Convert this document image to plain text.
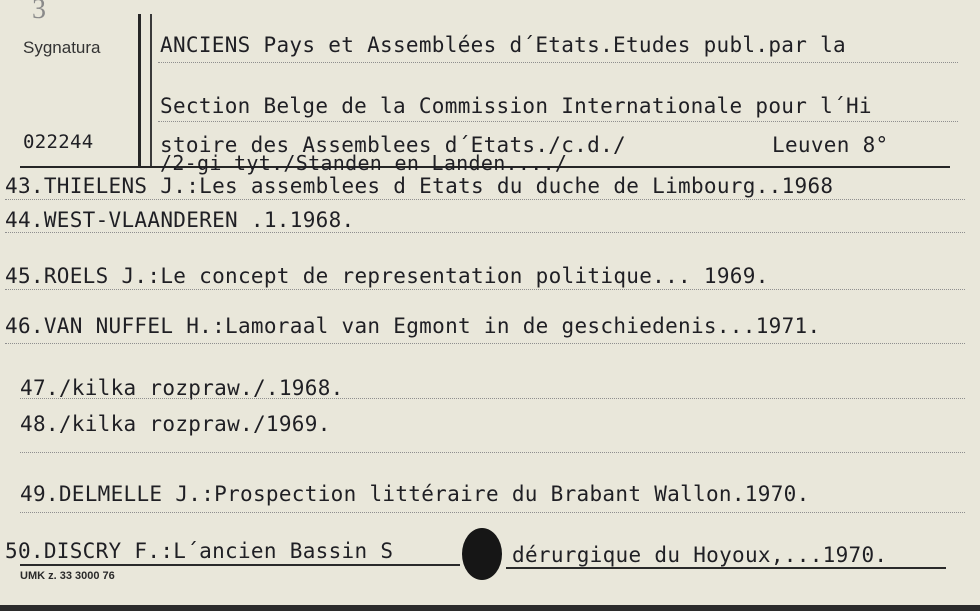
3
Sygnatura
022244
ANCIENS Pays et Assemblées d´Etats.Etudes publ.par la
Section Belge de la Commission Internationale pour l´Hi
stoire des Assemblees d´Etats./c.d./	Leuven 8°
/2-gi tyt./Standen en Landen..../
43.THIELENS J.:Les assemblees d Etats du duche de Limbourg..1968
44.WEST-VLAANDEREN .1.1968.
45.ROELS J.:Le concept de representation politique... 1969.
46.VAN NUFFEL H.:Lamoraal van Egmont in de geschiedenis...1971.
47./kilka rozpraw./.1968.
48./kilka rozpraw./1969.
49.DELMELLE J.:Prospection littéraire du Brabant Wallon.1970.
50.DISCRY F.:L´ancien Bassin S	dérurgique du Hoyoux,...1970.
UMK z. 33 3000 76
